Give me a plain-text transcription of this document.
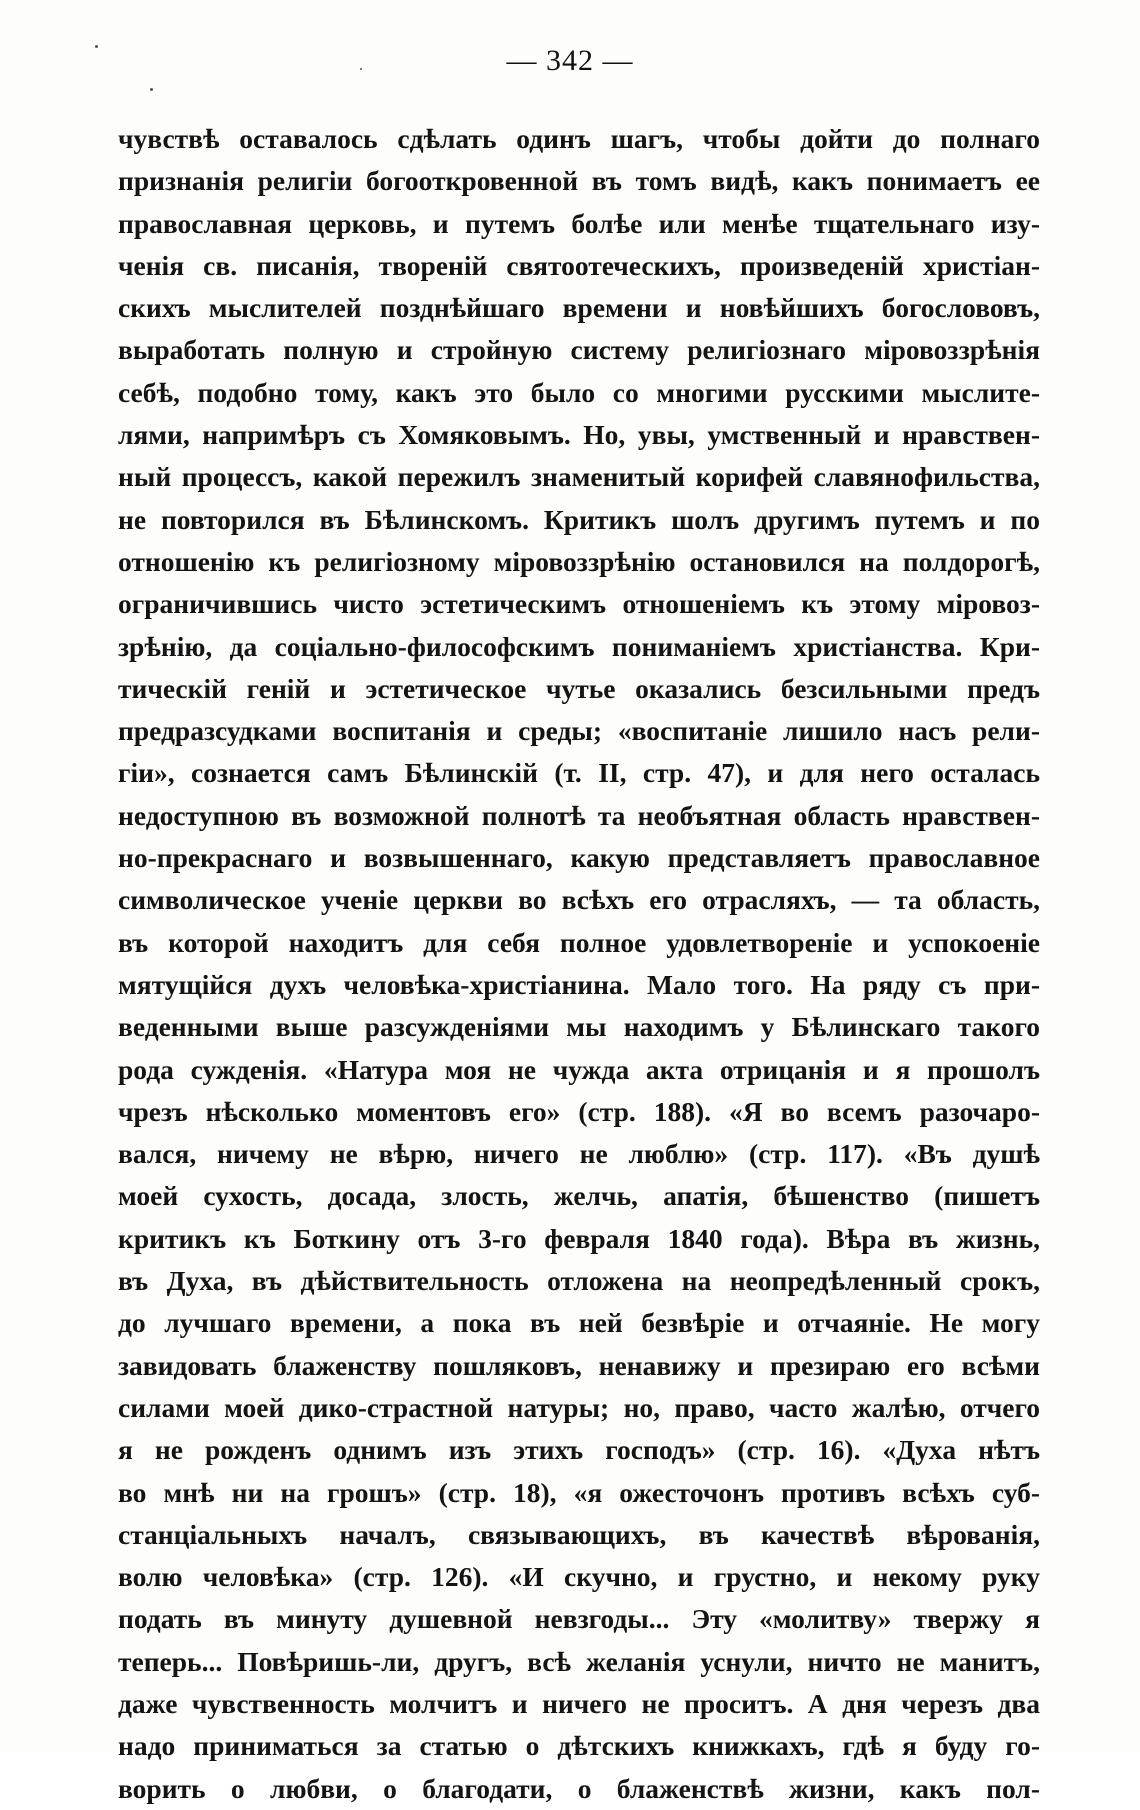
— 342 —
чувствѣ оставалось сдѣлать одинъ шагъ, чтобы дойти до полнаго
признанія религіи богооткровенной въ томъ видѣ, какъ понимаетъ ее
православная церковь, и путемъ болѣе или менѣе тщательнаго изу-
ченія св. писанія, твореній святоотеческихъ, произведеній христіан-
скихъ мыслителей позднѣйшаго времени и новѣйшихъ богослововъ,
выработать полную и стройную систему религіознаго міровоззрѣнія
себѣ, подобно тому, какъ это было со многими русскими мыслите-
лями, напримѣръ съ Хомяковымъ. Но, увы, умственный и нравствен-
ный процессъ, какой пережилъ знаменитый корифей славянофильства,
не повторился въ Бѣлинскомъ. Критикъ шолъ другимъ путемъ и по
отношенію къ религіозному міровоззрѣнію остановился на полдорогѣ,
ограничившись чисто эстетическимъ отношеніемъ къ этому міровоз-
зрѣнію, да соціально-философскимъ пониманіемъ христіанства. Кри-
тическій геній и эстетическое чутье оказались безсильными предъ
предразсудками воспитанія и среды; «воспитаніе лишило насъ рели-
гіи», сознается самъ Бѣлинскій (т. II, стр. 47), и для него осталась
недоступною въ возможной полнотѣ та необъятная область нравствен-
но-прекраснаго и возвышеннаго, какую представляетъ православное
символическое ученіе церкви во всѣхъ его отрасляхъ, — та область,
въ которой находитъ для себя полное удовлетвореніе и успокоеніе
мятущійся духъ человѣка-христіанина. Мало того. На ряду съ при-
веденными выше разсужденіями мы находимъ у Бѣлинскаго такого
рода сужденія. «Натура моя не чужда акта отрицанія и я прошолъ
чрезъ нѣсколько моментовъ его» (стр. 188). «Я во всемъ разочаро-
вался, ничему не вѣрю, ничего не люблю» (стр. 117). «Въ душѣ
моей сухость, досада, злость, желчь, апатія, бѣшенство (пишетъ
критикъ къ Боткину отъ 3-го февраля 1840 года). Вѣра въ жизнь,
въ Духа, въ дѣйствительность отложена на неопредѣленный срокъ,
до лучшаго времени, а пока въ ней безвѣріе и отчаяніе. Не могу
завидовать блаженству пошляковъ, ненавижу и презираю его всѣми
силами моей дико-страстной натуры; но, право, часто жалѣю, отчего
я не рожденъ однимъ изъ этихъ господъ» (стр. 16). «Духа нѣтъ
во мнѣ ни на грошъ» (стр. 18), «я ожесточонъ противъ всѣхъ суб-
станціальныхъ началъ, связывающихъ, въ качествѣ вѣрованія,
волю человѣка» (стр. 126). «И скучно, и грустно, и некому руку
подать въ минуту душевной невзгоды... Эту «молитву» твержу я
теперь... Повѣришь-ли, другъ, всѣ желанія уснули, ничто не манитъ,
даже чувственность молчитъ и ничего не проситъ. А дня черезъ два
надо приниматься за статью о дѣтскихъ книжкахъ, гдѣ я буду го-
ворить о любви, о благодати, о блаженствѣ жизни, какъ пол-
